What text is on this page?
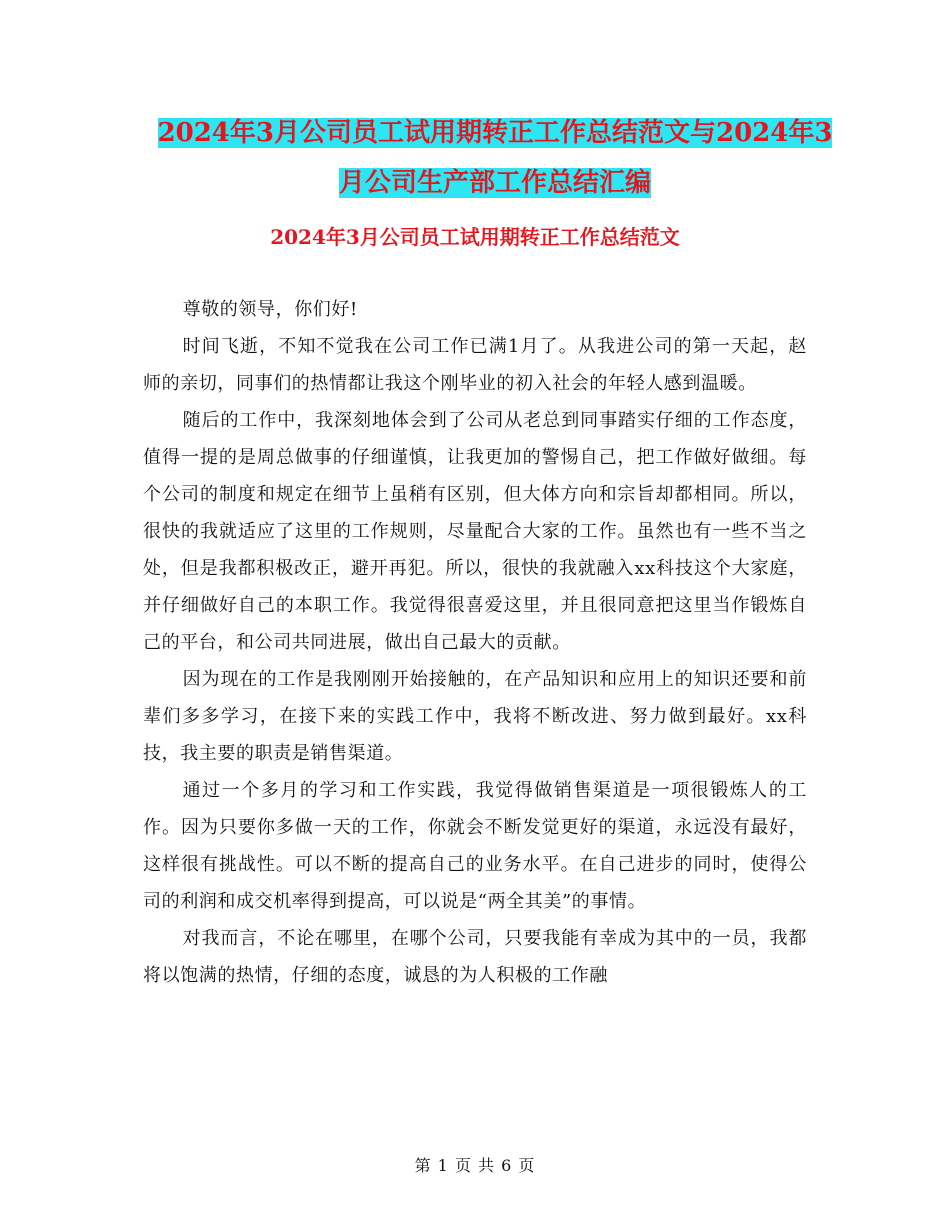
2024年3月公司员工试用期转正工作总结范文与2024年3月公司生产部工作总结汇编
2024年3月公司员工试用期转正工作总结范文

尊敬的领导，你们好!

时间飞逝，不知不觉我在公司工作已满1月了。从我进公司的第一天起，赵师的亲切，同事们的热情都让我这个刚毕业的初入社会的年轻人感到温暖。

随后的工作中，我深刻地体会到了公司从老总到同事踏实仔细的工作态度，值得一提的是周总做事的仔细谨慎，让我更加的警惕自己，把工作做好做细。每个公司的制度和规定在细节上虽稍有区别，但大体方向和宗旨却都相同。所以，很快的我就适应了这里的工作规则，尽量配合大家的工作。虽然也有一些不当之处，但是我都积极改正，避开再犯。所以，很快的我就融入xx科技这个大家庭，并仔细做好自己的本职工作。我觉得很喜爱这里，并且很同意把这里当作锻炼自己的平台，和公司共同进展，做出自己最大的贡献。

因为现在的工作是我刚刚开始接触的，在产品知识和应用上的知识还要和前辈们多多学习，在接下来的实践工作中，我将不断改进、努力做到最好。xx科技，我主要的职责是销售渠道。

通过一个多月的学习和工作实践，我觉得做销售渠道是一项很锻炼人的工作。因为只要你多做一天的工作，你就会不断发觉更好的渠道，永远没有最好，这样很有挑战性。可以不断的提高自己的业务水平。在自己进步的同时，使得公司的利润和成交机率得到提高，可以说是“两全其美”的事情。

对我而言，不论在哪里，在哪个公司，只要我能有幸成为其中的一员，我都将以饱满的热情，仔细的态度，诚恳的为人积极的工作融

第 1 页 共 6 页
